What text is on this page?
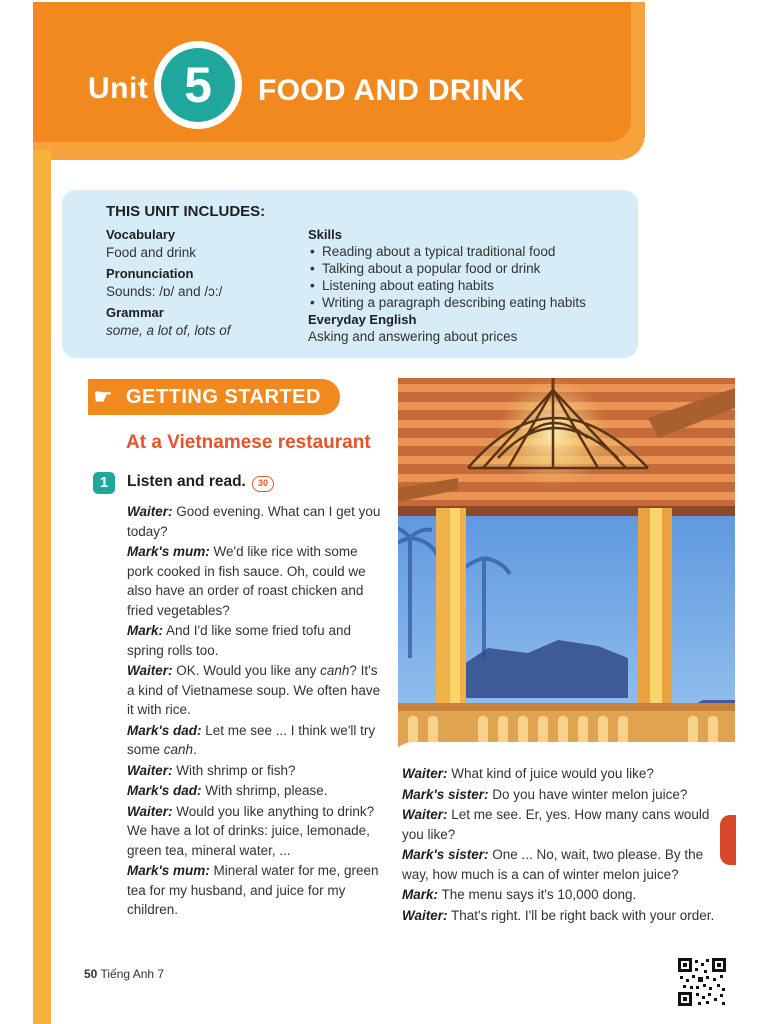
Unit 5	FOOD AND DRINK
THIS UNIT INCLUDES:
Vocabulary
Food and drink
Pronunciation
Sounds: /ɒ/ and /ɔ:/
Grammar
some, a lot of, lots of
Skills
• Reading about a typical traditional food
• Talking about a popular food or drink
• Listening about eating habits
• Writing a paragraph describing eating habits
Everyday English
Asking and answering about prices
☛ GETTING STARTED
At a Vietnamese restaurant
1	Listen and read.	30

Waiter: Good evening. What can I get you today?

Mark's mum: We'd like rice with some pork cooked in fish sauce. Oh, could we also have an order of roast chicken and fried vegetables?

Mark: And I'd like some fried tofu and spring rolls too.

Waiter: OK. Would you like any canh? It's a kind of Vietnamese soup. We often have it with rice.

Mark's dad: Let me see ... I think we'll try some canh.

Waiter: With shrimp or fish?

Mark's dad: With shrimp, please.

Waiter: Would you like anything to drink? We have a lot of drinks: juice, lemonade, green tea, mineral water, ...

Mark's mum: Mineral water for me, green tea for my husband, and juice for my children.

Waiter: What kind of juice would you like?

Mark's sister: Do you have winter melon juice?

Waiter: Let me see. Er, yes. How many cans would you like?

Mark's sister: One ... No, wait, two please. By the way, how much is a can of winter melon juice?

Mark: The menu says it's 10,000 dong.

Waiter: That's right. I'll be right back with your order.

50 Tiếng Anh 7
